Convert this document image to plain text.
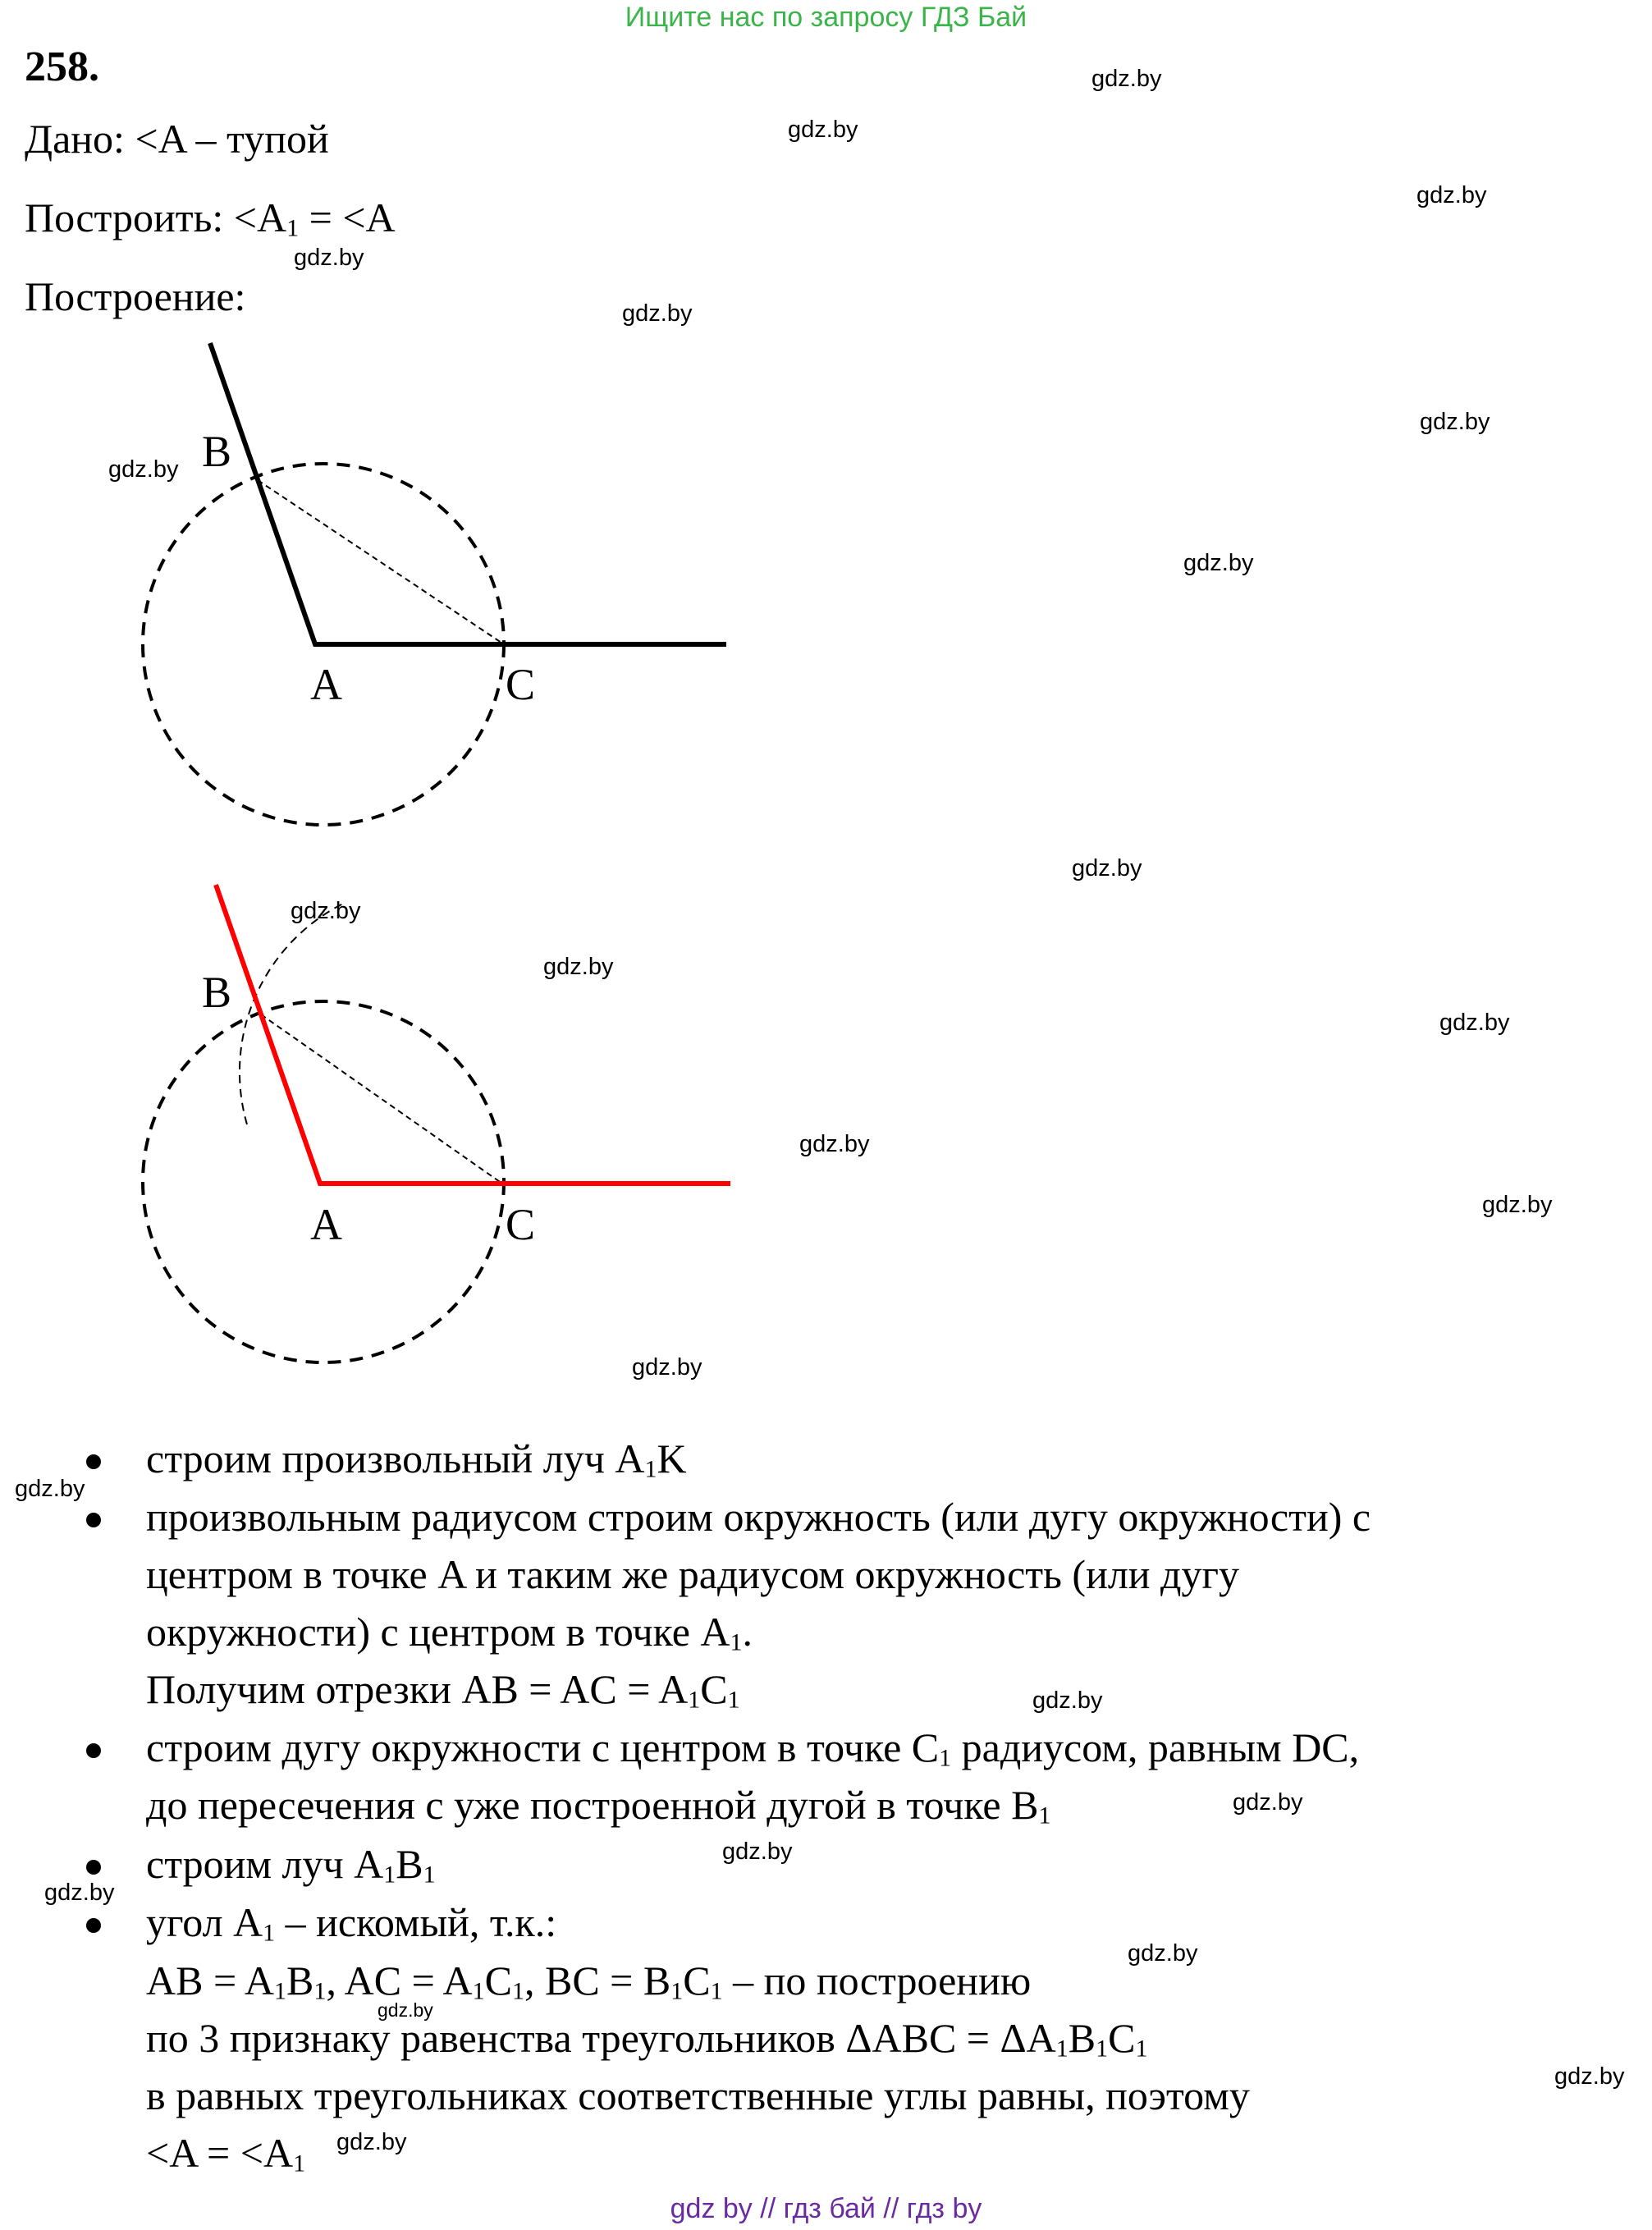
Ищите нас по запросу ГДЗ Бай
gdz by // гдз бай // гдз by
258.
Дано: <A – тупой
Построить: $<A_1 = <A$
Построение:
B
A	C
B
A	C
строим произвольный луч $A_1K$
произвольным радиусом строим окружность (или дугу окружности) с
центром в точке A и таким же радиусом окружность (или дугу
окружности) с центром в точке $A_1$.
Получим отрезки AB = AC = $A_1C_1$
строим дугу окружности с центром в точке $C_1$ радиусом, равным DC,
до пересечения с уже построенной дугой в точке $B_1$
строим луч $A_1B_1$
угол $A_1$ – искомый, т.к.:
AB = $A_1B_1$, AC = $A_1C_1$, BC = $B_1C_1$ – по построению
по 3 признаку равенства треугольников $\Delta ABC = \Delta A_1B_1C_1$
в равных треугольниках соответственные углы равны, поэтому
$<A = <A_1$
gdz.by
gdz.by
gdz.by
gdz.by
gdz.by
gdz.by
gdz.by
gdz.by
gdz.by
gdz.by
gdz.by
gdz.by
gdz.by
gdz.by
gdz.by
gdz.by
gdz.by
gdz.by
gdz.by
gdz.by
gdz.by
gdz.by
gdz.by
gdz.by
